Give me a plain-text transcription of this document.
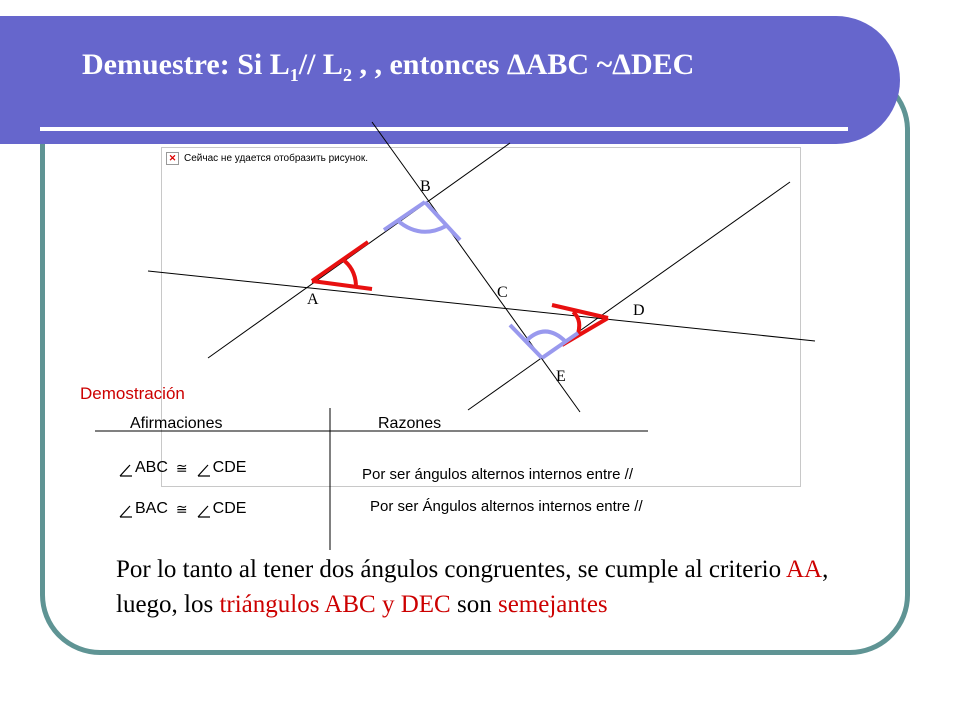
Demuestre: Si $L_1//$ $L_2$ , , entonces ΔABC ~ΔDEC
✕ Сейчас не удается отобразить рисунок.
B
A	C
D
E
Demostración
Afirmaciones	Razones
ABC ≅ CDE	Por ser ángulos alternos internos entre //
BAC ≅ CDE	Por ser Ángulos alternos internos entre //

Por lo tanto al tener dos ángulos congruentes, se cumple al criterio AA, luego, los triángulos ABC y DEC son semejantes
